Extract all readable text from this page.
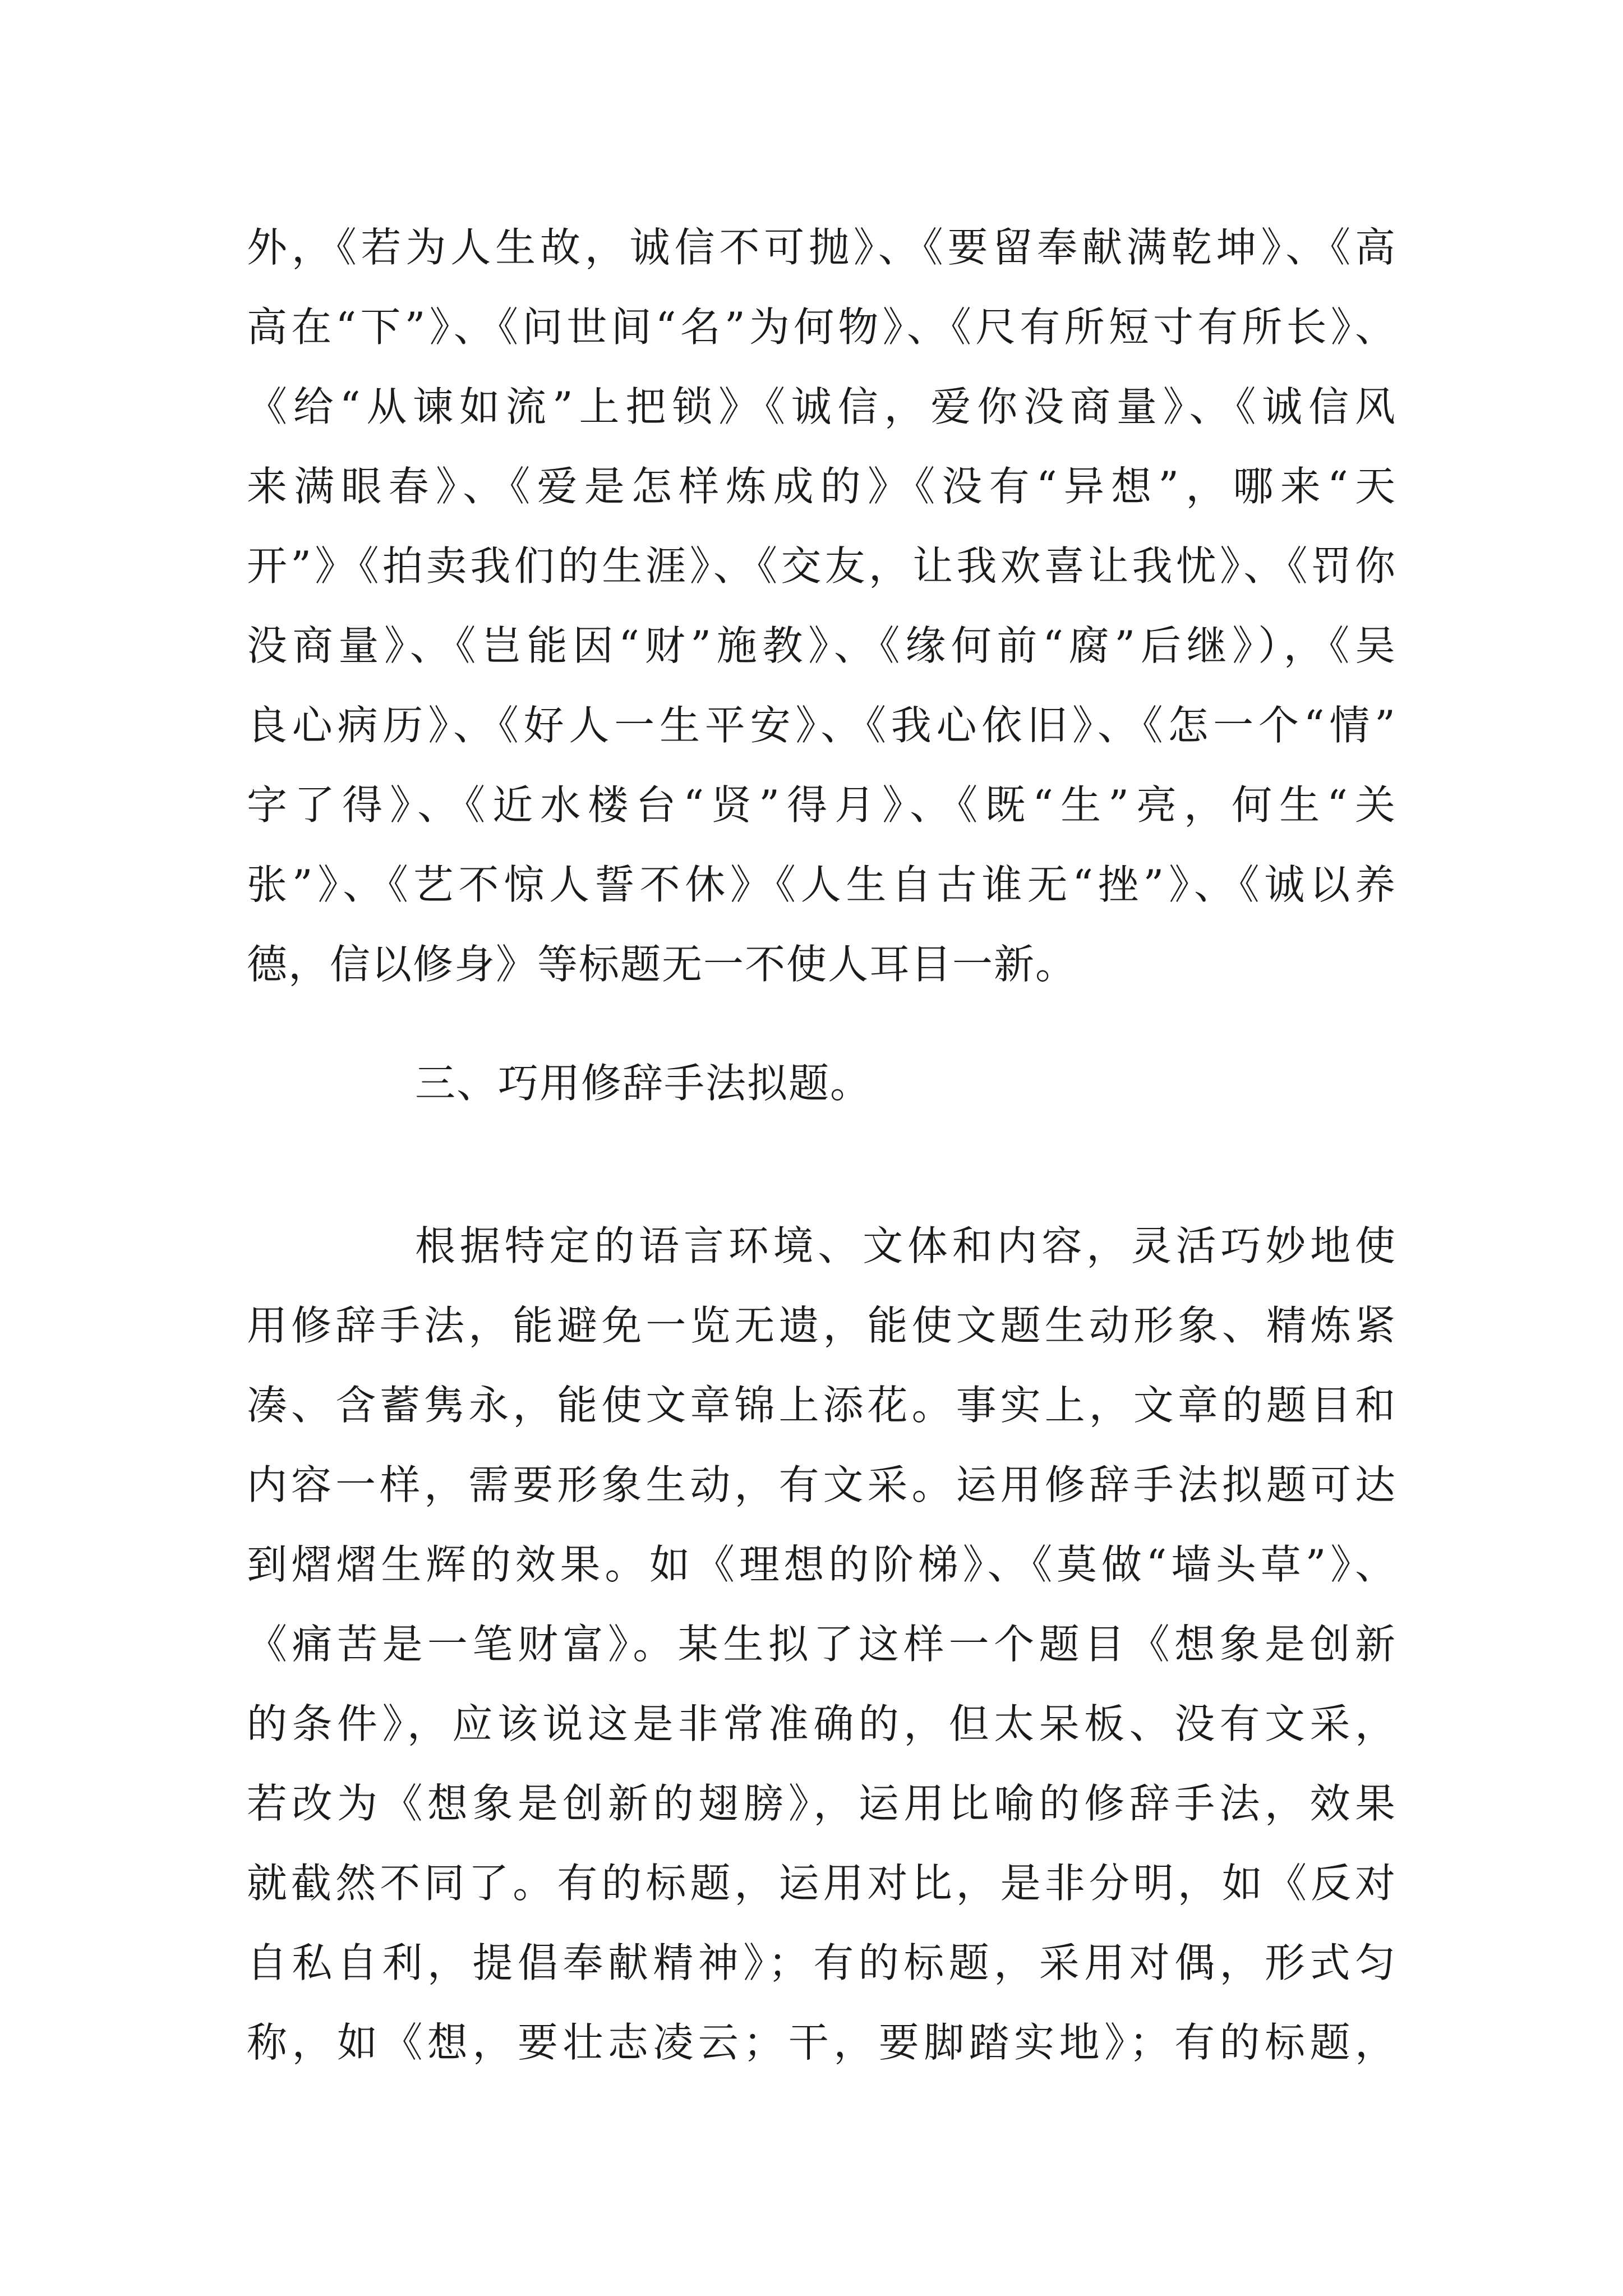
外，《若为人生故，诚信不可抛》、《要留奉献满乾坤》、《高
高在“下”》、《问世间“名”为何物》、《尺有所短寸有所长》、
《给“从谏如流”上把锁》《诚信，爱你没商量》、《诚信风
来满眼春》、《爱是怎样炼成的》《没有“异想”，哪来“天
开”》《拍卖我们的生涯》、《交友，让我欢喜让我忧》、《罚你
没商量》、《岂能因“财”施教》、《缘何前“腐”后继》），《吴
良心病历》、《好人一生平安》、《我心依旧》、《怎一个“情”
字了得》、《近水楼台“贤”得月》、《既“生”亮，何生“关
张”》、《艺不惊人誓不休》《人生自古谁无“挫”》、《诚以养
德，信以修身》等标题无一不使人耳目一新。
三、巧用修辞手法拟题。
根据特定的语言环境、文体和内容，灵活巧妙地使
用修辞手法，能避免一览无遗，能使文题生动形象、精炼紧
凑、含蓄隽永，能使文章锦上添花。事实上，文章的题目和
内容一样，需要形象生动，有文采。运用修辞手法拟题可达
到熠熠生辉的效果。如《理想的阶梯》、《莫做“墙头草”》、
《痛苦是一笔财富》。某生拟了这样一个题目《想象是创新
的条件》，应该说这是非常准确的，但太呆板、没有文采，
若改为《想象是创新的翅膀》，运用比喻的修辞手法，效果
就截然不同了。有的标题，运用对比，是非分明，如《反对
自私自利，提倡奉献精神》；有的标题，采用对偶，形式匀
称，如《想，要壮志凌云；干，要脚踏实地》；有的标题，
